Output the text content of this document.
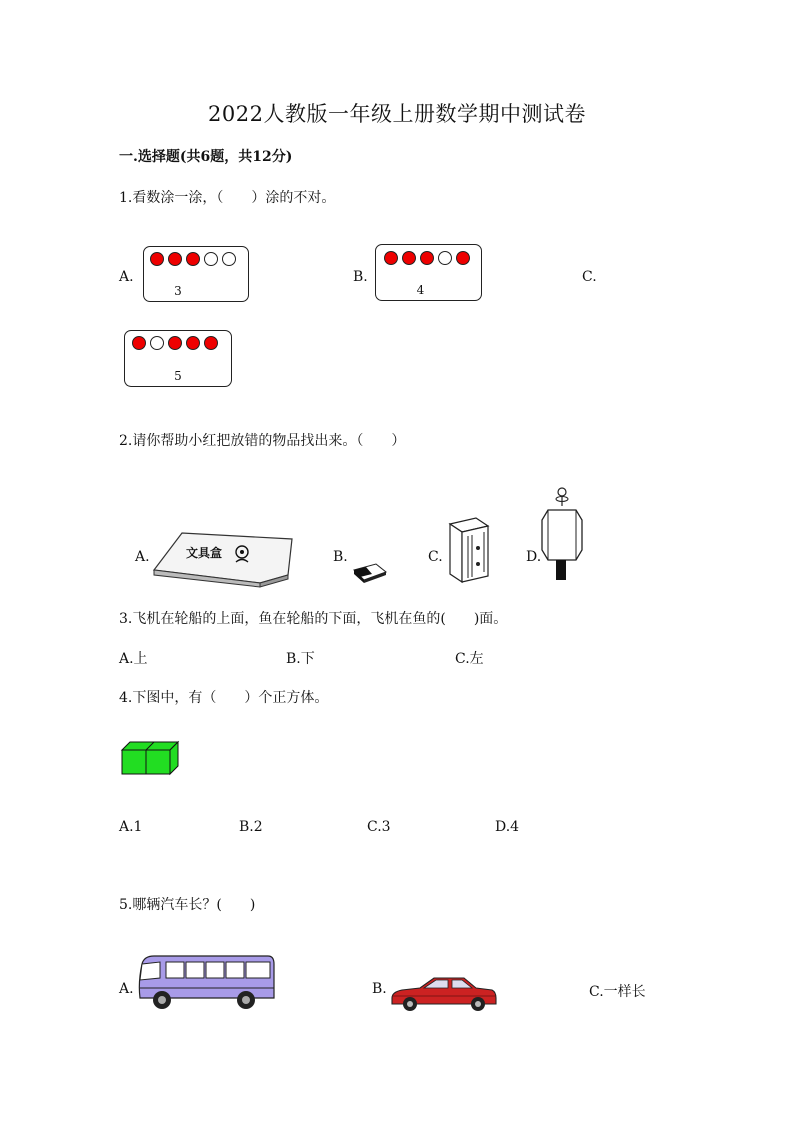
2022人教版一年级上册数学期中测试卷
一.选择题(共6题，共12分)
1.看数涂一涂，（　　）涂的不对。
A.
3
B.
4
C.
5
2.请你帮助小红把放错的物品找出来。（　　）
A.	文具盒	B.	C.	D.
3.飞机在轮船的上面，鱼在轮船的下面，飞机在鱼的(　　)面。
A.上	B.下	C.左
4.下图中，有（　　）个正方体。
A.1	B.2	C.3	D.4
5.哪辆汽车长？(　　)
A.	B.	C.一样长
